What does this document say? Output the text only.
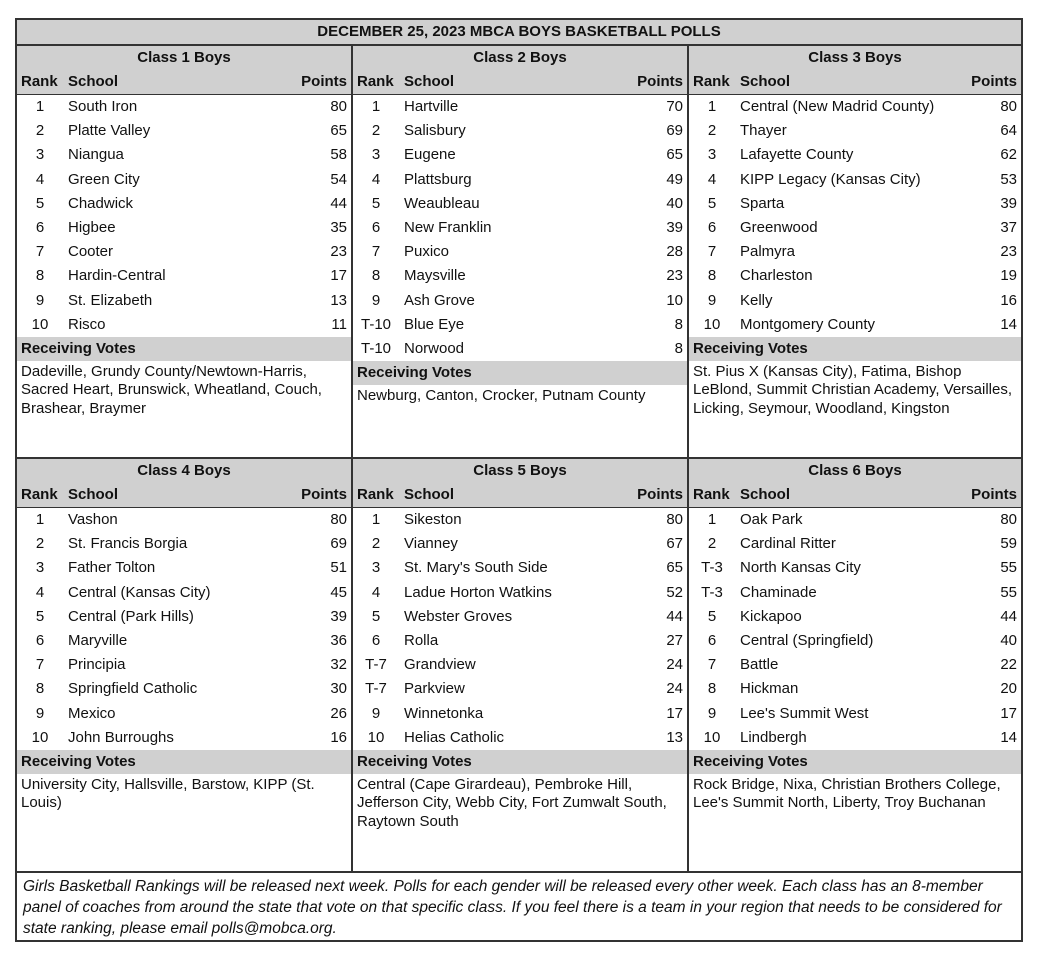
DECEMBER 25, 2023 MBCA BOYS BASKETBALL POLLS
Class 1 Boys
Rank School	Points
1	South Iron	80
2	Platte Valley	65
3	Niangua	58
4	Green City	54
5	Chadwick	44
6	Higbee	35
7	Cooter	23
8	Hardin-Central	17
9	St. Elizabeth	13
10	Risco	11
Receiving Votes
Dadeville, Grundy County/Newtown-Harris, Sacred Heart, Brunswick, Wheatland, Couch, Brashear, Braymer
Class 2 Boys
Rank School	Points
1	Hartville	70
2	Salisbury	69
3	Eugene	65
4	Plattsburg	49
5	Weaubleau	40
6	New Franklin	39
7	Puxico	28
8	Maysville	23
9	Ash Grove	10
T-10 Blue Eye	8
T-10 Norwood	8
Receiving Votes
Newburg, Canton, Crocker, Putnam County
Class 3 Boys
Rank School	Points
1	Central (New Madrid County)	80
2	Thayer	64
3	Lafayette County	62
4	KIPP Legacy (Kansas City)	53
5	Sparta	39
6	Greenwood	37
7	Palmyra	23
8	Charleston	19
9	Kelly	16
10	Montgomery County	14
Receiving Votes
St. Pius X (Kansas City), Fatima, Bishop LeBlond, Summit Christian Academy, Versailles, Licking, Seymour, Woodland, Kingston
Class 4 Boys
Rank School	Points
1	Vashon	80
2	St. Francis Borgia	69
3	Father Tolton	51
4	Central (Kansas City)	45
5	Central (Park Hills)	39
6	Maryville	36
7	Principia	32
8	Springfield Catholic	30
9	Mexico	26
10	John Burroughs	16
Receiving Votes
University City, Hallsville, Barstow, KIPP (St. Louis)
Class 5 Boys
Rank School	Points
1	Sikeston	80
2	Vianney	67
3	St. Mary's South Side	65
4	Ladue Horton Watkins	52
5	Webster Groves	44
6	Rolla	27
T-7	Grandview	24
T-7	Parkview	24
9	Winnetonka	17
10	Helias Catholic	13
Receiving Votes
Central (Cape Girardeau), Pembroke Hill, Jefferson City, Webb City, Fort Zumwalt South, Raytown South
Class 6 Boys
Rank School	Points
1	Oak Park	80
2	Cardinal Ritter	59
T-3	North Kansas City	55
T-3	Chaminade	55
5	Kickapoo	44
6	Central (Springfield)	40
7	Battle	22
8	Hickman	20
9	Lee's Summit West	17
10	Lindbergh	14
Receiving Votes
Rock Bridge, Nixa, Christian Brothers College, Lee's Summit North, Liberty, Troy Buchanan
Girls Basketball Rankings will be released next week. Polls for each gender will be released every other week. Each class has an 8-member panel of coaches from around the state that vote on that specific class. If you feel there is a team in your region that needs to be considered for state ranking, please email polls@mobca.org.
